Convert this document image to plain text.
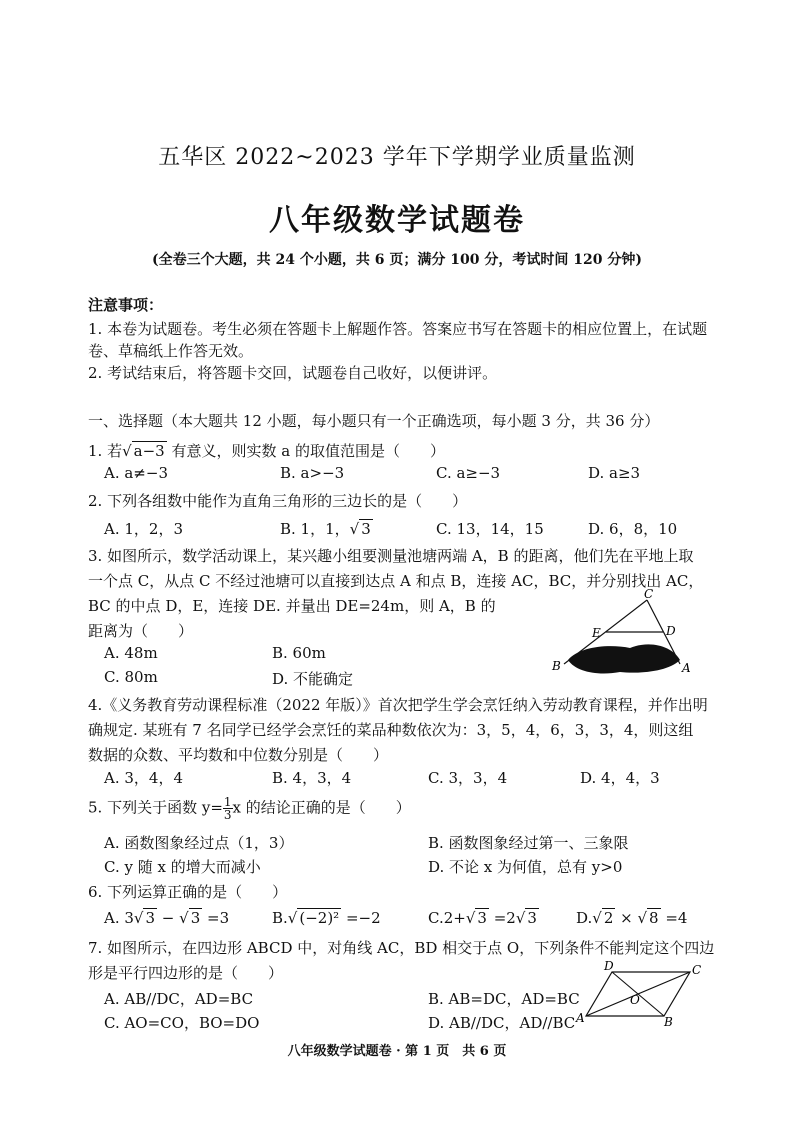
五华区 2022~2023 学年下学期学业质量监测
八年级数学试题卷
(全卷三个大题，共 24 个小题，共 6 页；满分 100 分，考试时间 120 分钟)
注意事项：
1. 本卷为试题卷。考生必须在答题卡上解题作答。答案应书写在答题卡的相应位置上，在试题
卷、草稿纸上作答无效。
2. 考试结束后，将答题卡交回，试题卷自己收好，以便讲评。
一、选择题（本大题共 12 小题，每小题只有一个正确选项，每小题 3 分，共 36 分）
1. 若√ a−3 有意义，则实数 a 的取值范围是（　　）
A. a≠−3	B. a>−3	C. a≥−3	D. a≥3
2. 下列各组数中能作为直角三角形的三边长的是（　　）
A. 1，2，3	B. 1，1，√ 3	C. 13，14，15	D. 6，8，10
3. 如图所示，数学活动课上，某兴趣小组要测量池塘两端 A，B 的距离，他们先在平地上取
一个点 C，从点 C 不经过池塘可以直接到达点 A 和点 B，连接 AC，BC，并分别找出 AC，
BC 的中点 D，E，连接 DE. 并量出 DE=24m，则 A，B 的
距离为（　　）
A. 48m	B. 60m
C. 80m	D. 不能确定
C
E	D
B	A
4.《义务教育劳动课程标准（2022 年版）》首次把学生学会烹饪纳入劳动教育课程，并作出明
确规定. 某班有 7 名同学已经学会烹饪的菜品种数依次为：3，5，4，6，3，3，4，则这组
数据的众数、平均数和中位数分别是（　　）
A. 3，4，4	B. 4，3，4	C. 3，3，4	D. 4，4，3
5. 下列关于函数 $y= \frac{1}{3}$ x 的结论正确的是（　　）
A. 函数图象经过点（1，3）	B. 函数图象经过第一、三象限
C. y 随 x 的增大而减小	D. 不论 x 为何值，总有 y>0
6. 下列运算正确的是（　　）
A. 3√ 3 − √ 3 =3	B.√ (−2)² =−2	C.2+√ 3 =2√ 3	D.√ 2 × √ 8 =4
7. 如图所示，在四边形 ABCD 中，对角线 AC，BD 相交于点 O，下列条件不能判定这个四边
形是平行四边形的是（　　）
A. AB//DC，AD=BC	B. AB=DC，AD=BC
C. AO=CO，BO=DO	D. AB//DC，AD//BC
D	C
O
A	B
八年级数学试题卷 · 第 1 页　共 6 页
